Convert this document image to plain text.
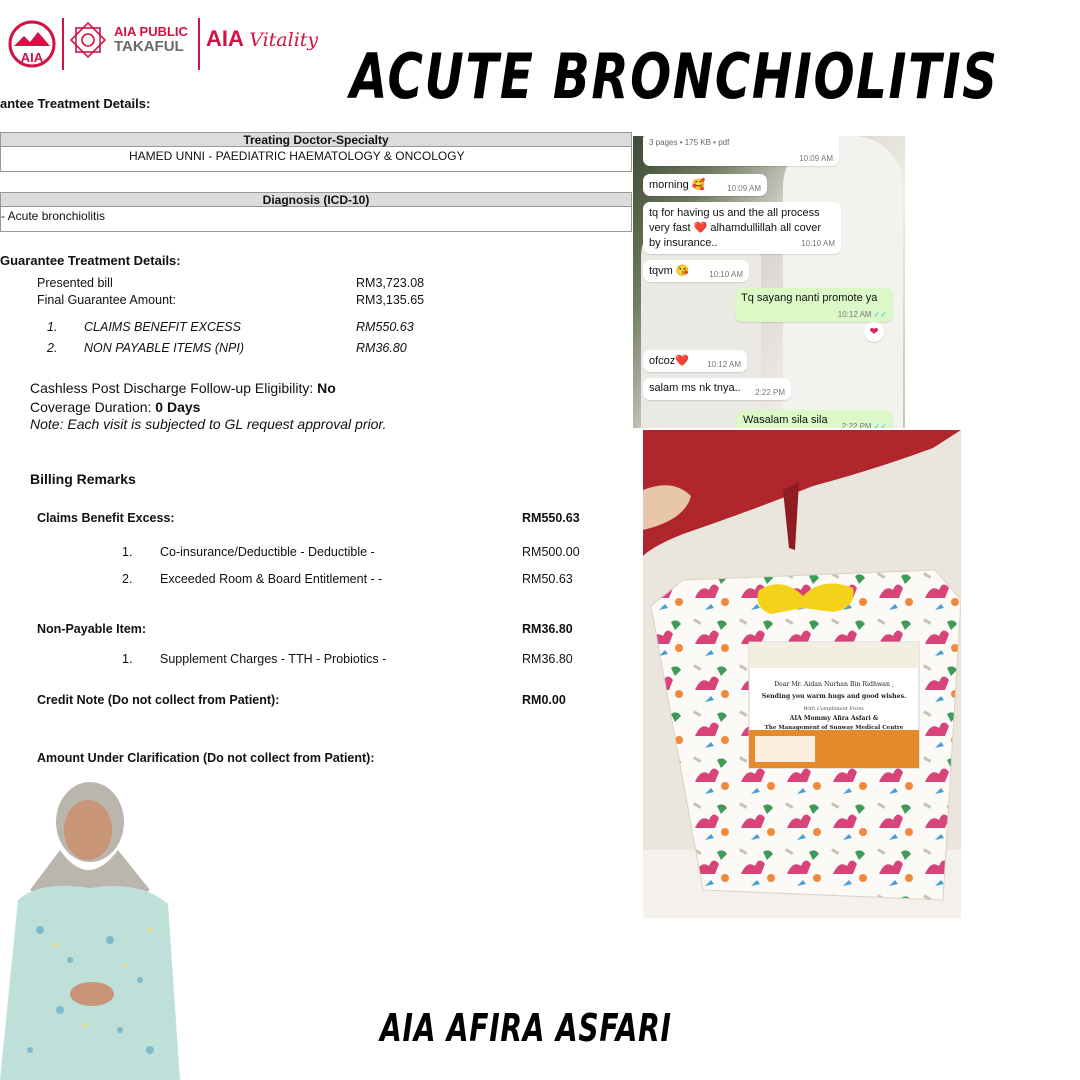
AIA
AIA PUBLIC
TAKAFUL AIA Vitality ACUTE BRONCHIOLITIS
antee Treatment Details:
Treating Doctor-Specialty
HAMED UNNI - PAEDIATRIC HAEMATOLOGY & ONCOLOGY
Diagnosis (ICD-10)
- Acute bronchiolitis
Guarantee Treatment Details:
Presented bill	RM3,723.08
Final Guarantee Amount:	RM3,135.65
1. CLAIMS BENEFIT EXCESS	RM550.63
2. NON PAYABLE ITEMS (NPI)	RM36.80
Cashless Post Discharge Follow-up Eligibility: No
Coverage Duration: 0 Days
Note: Each visit is subjected to GL request approval prior.
Billing Remarks
Claims Benefit Excess:	RM550.63
1. Co-insurance/Deductible - Deductible -	RM500.00
2. Exceeded Room & Board Entitlement - -	RM50.63
Non-Payable Item:	RM36.80
1. Supplement Charges - TTH - Probiotics -	RM36.80
Credit Note (Do not collect from Patient):	RM0.00
Amount Under Clarification (Do not collect from Patient):
3 pages • 175 KB • pdf
10:09 AM
morning 🥰	10:09 AM
tq for having us and the all process very fast ❤️ alhamdullillah all cover by insurance..	10:10 AM
tqvm 😘 10:10 AM
Tq sayang nanti promote ya
10:12 AM ✓✓
❤
ofcoz❤️ 10:12 AM
salam ms nk tnya.. 2:22 PM
Wasalam sila sila
2:22 PM ✓✓
Dear Mr. Aidan Nurhan Bin Ridhwan ,
Sending you warm hugs and good wishes.
With Compliment From:
AIA Mommy Afira Asfari &
The Management of Sunway Medical Centre
AIA AFIRA ASFARI
